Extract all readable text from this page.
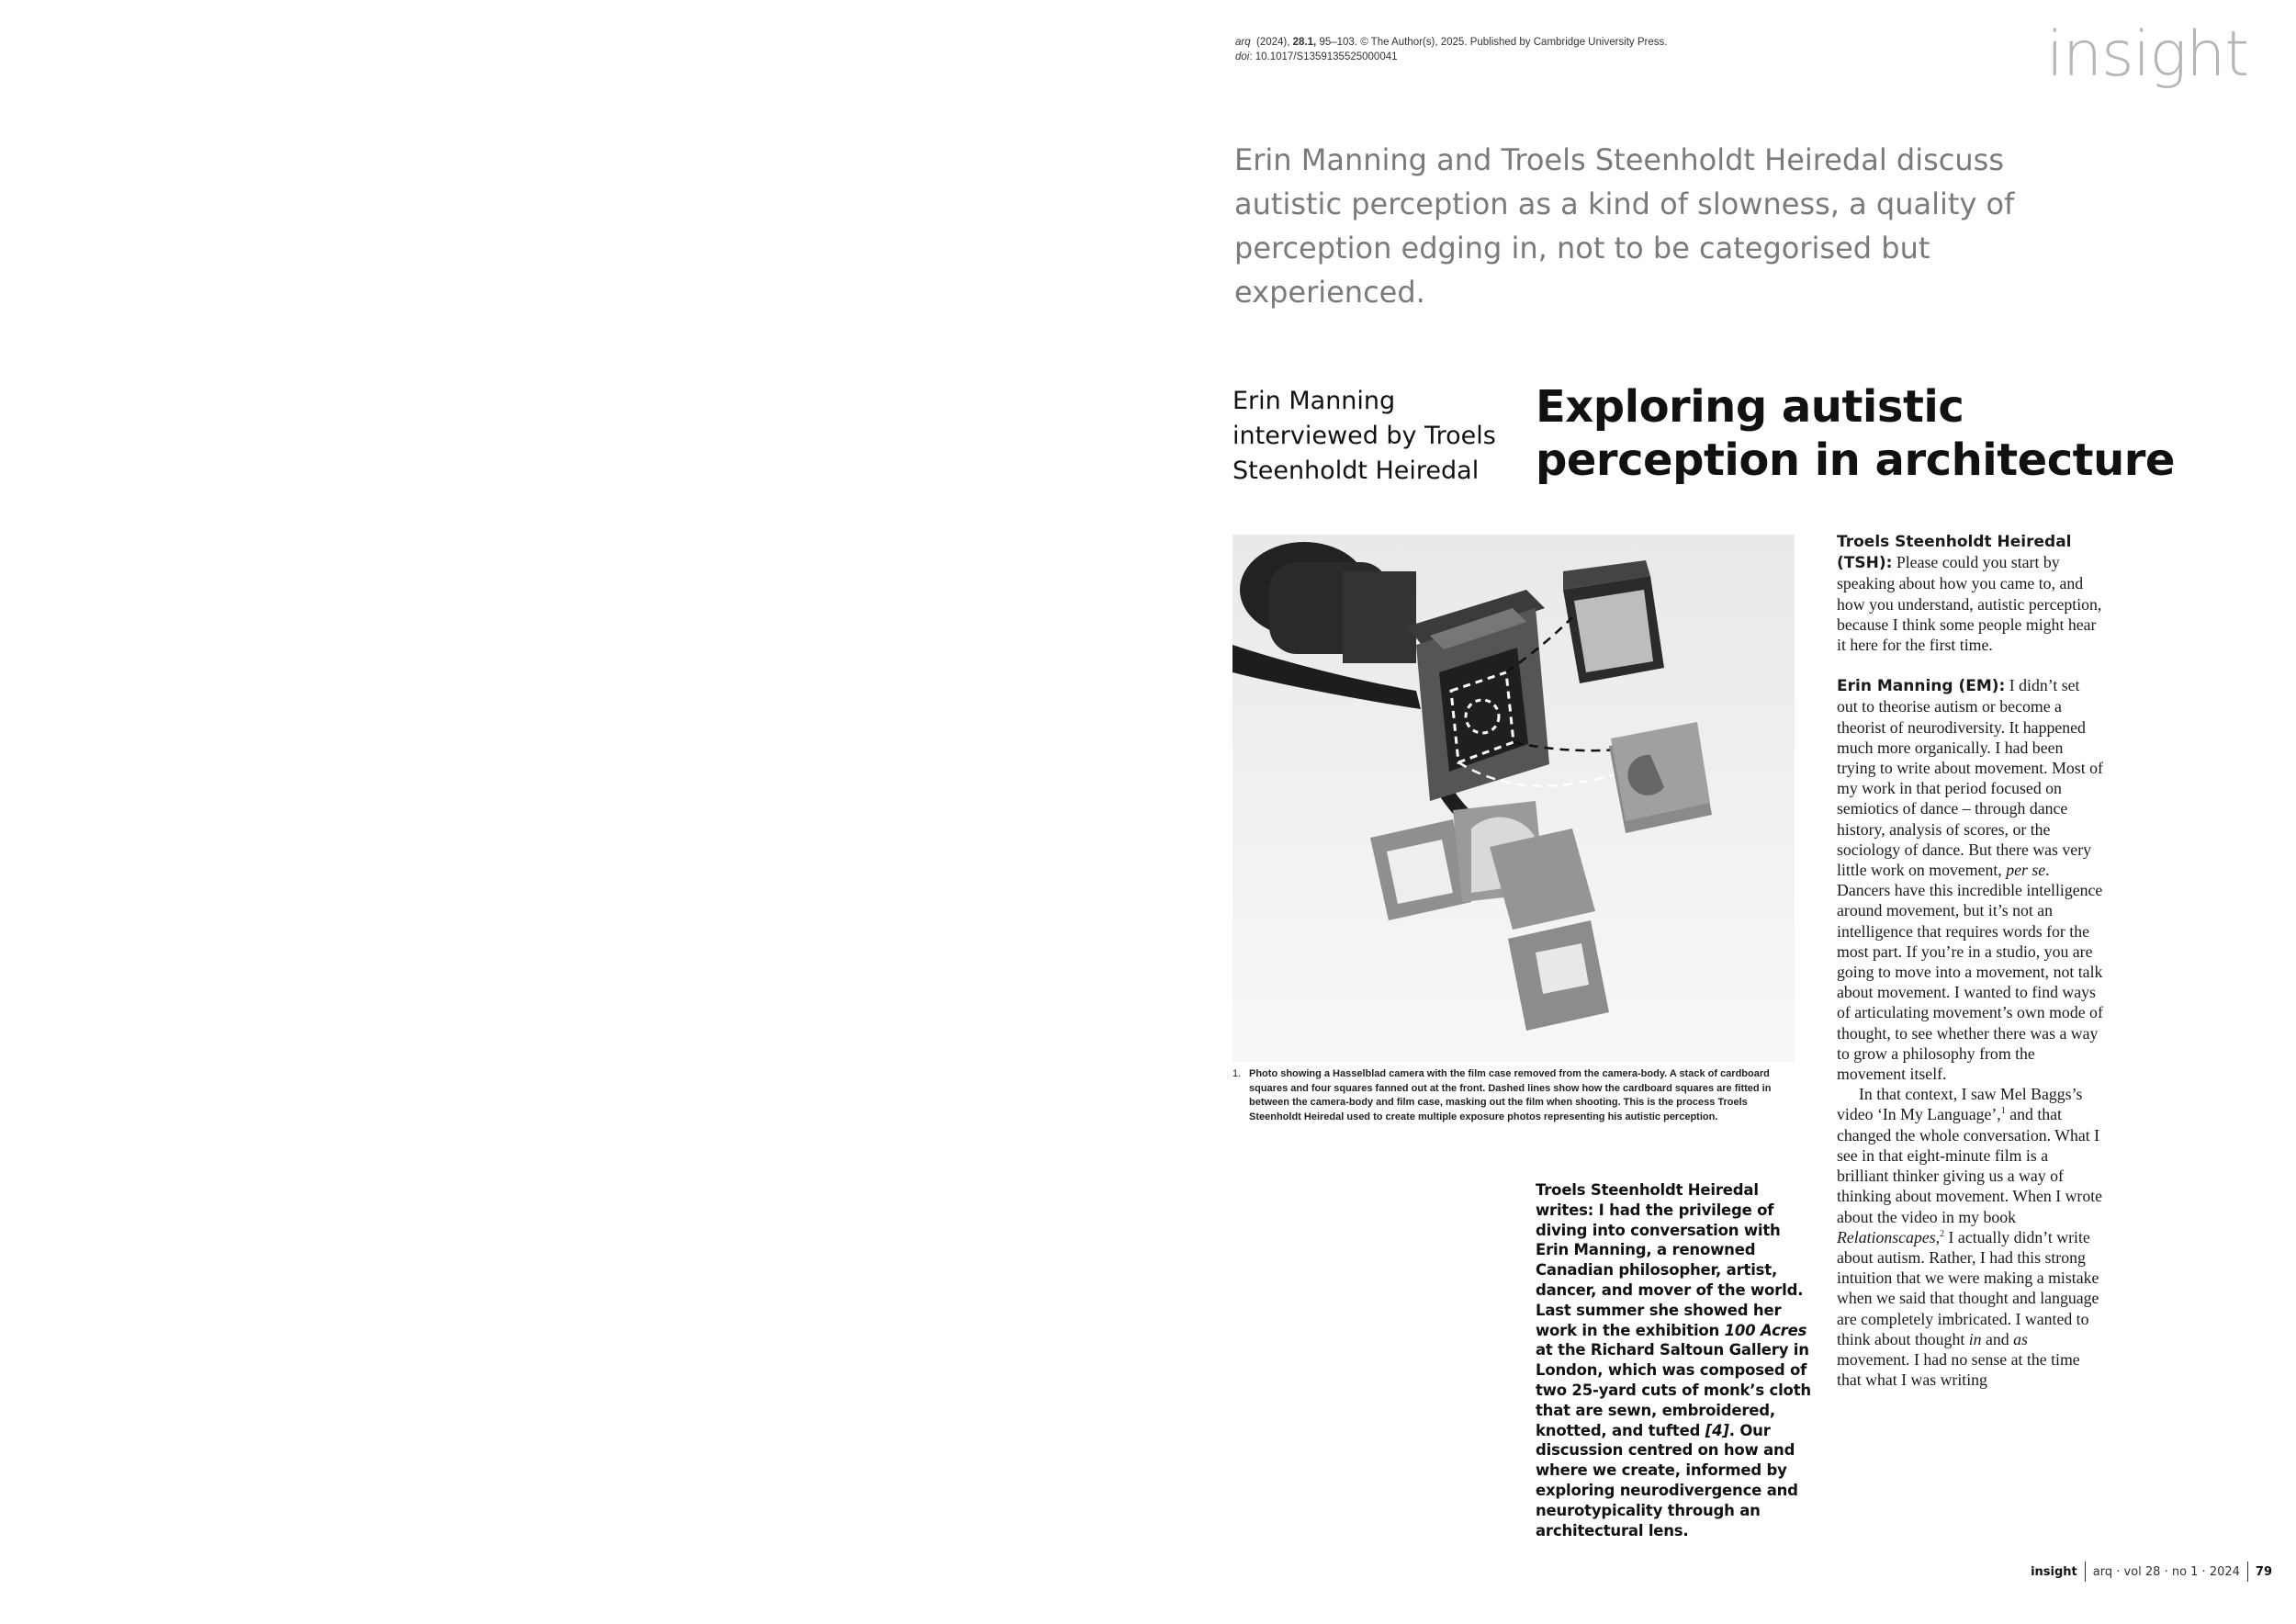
arq (2024), 28.1, 95–103. © The Author(s), 2025. Published by Cambridge University Press.
doi: 10.1017/S1359135525000041	insight
Erin Manning and Troels Steenholdt Heiredal discuss autistic perception as a kind of slowness, a quality of perception edging in, not to be categorised but experienced.
Erin Manning interviewed by Troels Steenholdt Heiredal
Exploring autistic perception in architecture
1. Photo showing a Hasselblad camera with the film case removed from the camera-body. A stack of cardboard squares and four squares fanned out at the front. Dashed lines show how the cardboard squares are fitted in between the camera-body and film case, masking out the film when shooting. This is the process Troels Steenholdt Heiredal used to create multiple exposure photos representing his autistic perception.
Troels Steenholdt Heiredal writes: I had the privilege of diving into conversation with Erin Manning, a renowned Canadian philosopher, artist, dancer, and mover of the world. Last summer she showed her work in the exhibition 100 Acres at the Richard Saltoun Gallery in London, which was composed of two 25-yard cuts of monk’s cloth that are sewn, embroidered, knotted, and tufted [4]. Our discussion centred on how and where we create, informed by exploring neurodivergence and neurotypicality through an architectural lens.

Troels Steenholdt Heiredal (TSH): Please could you start by speaking about how you came to, and how you understand, autistic perception, because I think some people might hear it here for the first time.

Erin Manning (EM): I didn’t set out to theorise autism or become a theorist of neurodiversity. It happened much more organically. I had been trying to write about movement. Most of my work in that period focused on semiotics of dance – through dance history, analysis of scores, or the sociology of dance. But there was very little work on movement, per se. Dancers have this incredible intelligence around movement, but it’s not an intelligence that requires words for the most part. If you’re in a studio, you are going to move into a movement, not talk about movement. I wanted to find ways of articulating movement’s own mode of thought, to see whether there was a way to grow a philosophy from the movement itself.

In that context, I saw Mel Baggs’s video ‘In My Language’,$^1$ and that changed the whole conversation. What I see in that eight-minute film is a brilliant thinker giving us a way of thinking about movement. When I wrote about the video in my book Relationscapes,$^2$ I actually didn’t write about autism. Rather, I had this strong intuition that we were making a mistake when we said that thought and language are completely imbricated. I wanted to think about thought in and as movement. I had no sense at the time that what I was writing

insight arq · vol 28 · no 1 · 2024 79
